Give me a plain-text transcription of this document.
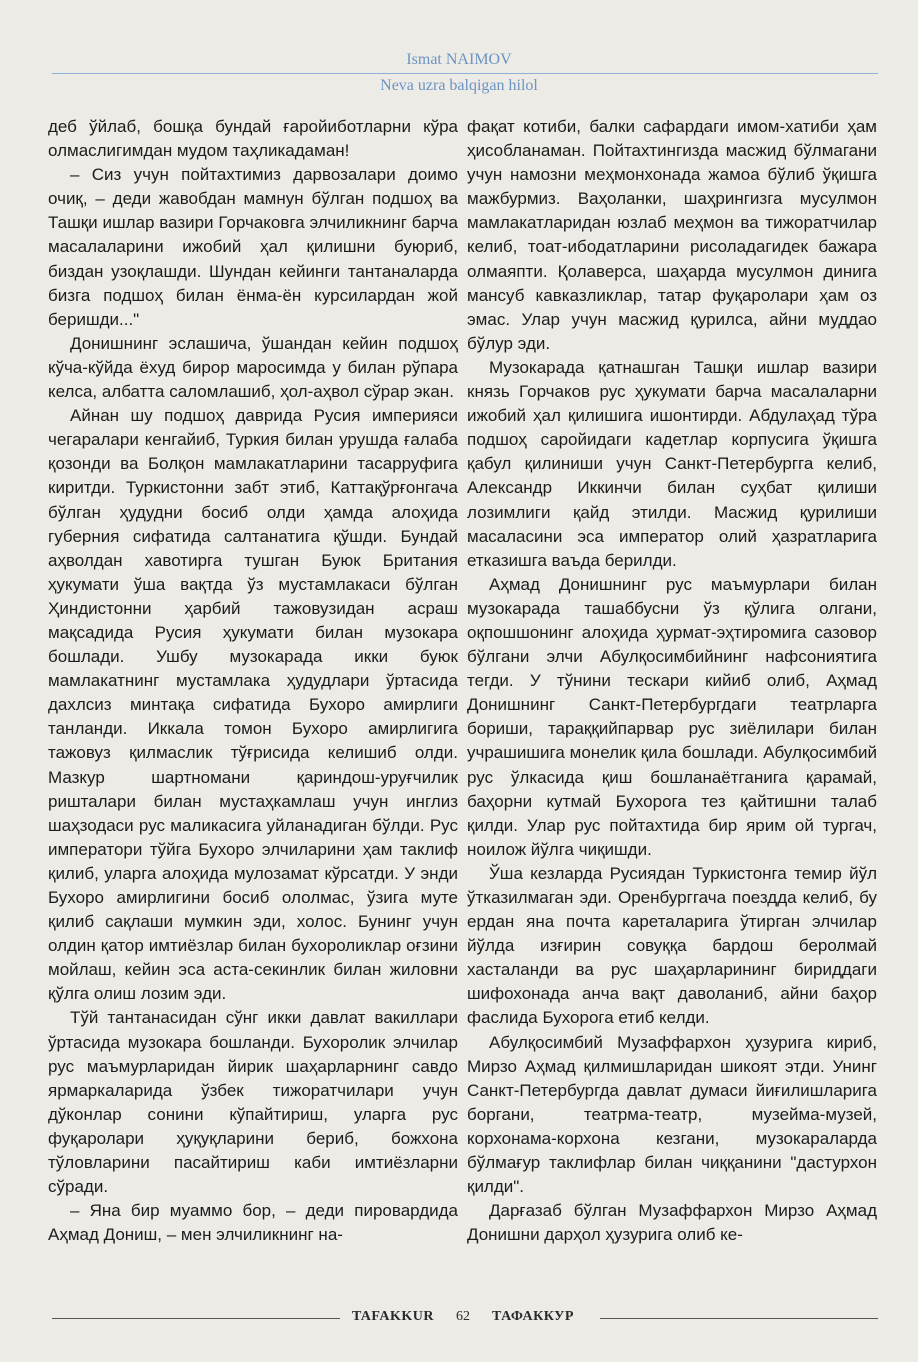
Ismat NAIMOV
Neva uzra balqigan hilol

деб ўйлаб, бошқа бундай ғаройиботларни кўра олмаслигимдан мудом таҳликадаман!

– Сиз учун пойтахтимиз дарвозалари доимо очиқ, – деди жавобдан мамнун бўлган подшоҳ ва Ташқи ишлар вазири Горчаковга элчиликнинг барча масалаларини ижобий ҳал қилишни буюриб, биздан узоқлашди. Шундан кейинги тантаналарда бизга подшоҳ билан ёнма-ён курсилардан жой беришди..."

Донишнинг эслашича, ўшандан кейин подшоҳ кўча-кўйда ёхуд бирор маросимда у билан рўпара келса, албатта саломлашиб, ҳол-аҳвол сўрар экан.

Айнан шу подшоҳ даврида Русия империяси чегаралари кенгайиб, Туркия билан урушда ғалаба қозонди ва Болқон мамлакатларини тасарруфига киритди. Туркистонни забт этиб, Каттақўрғонгача бўлган ҳудудни босиб олди ҳамда алоҳида губерния сифатида салтанатига қўшди. Бундай аҳволдан хавотирга тушган Буюк Британия ҳукумати ўша вақтда ўз мустамлакаси бўлган Ҳиндистонни ҳарбий тажовузидан асраш мақсадида Русия ҳукумати билан музокара бошлади. Ушбу музокарада икки буюк мамлакатнинг мустамлака ҳудудлари ўртасида дахлсиз минтақа сифатида Бухоро амирлиги танланди. Иккала томон Бухоро амирлигига тажовуз қилмаслик тўғрисида келишиб олди. Мазкур шартномани қариндош-уруғчилик ришталари билан мустаҳкамлаш учун инглиз шаҳзодаси рус маликасига уйланадиган бўлди. Рус императори тўйга Бухоро элчиларини ҳам таклиф қилиб, уларга алоҳида мулозамат кўрсатди. У энди Бухоро амирлигини босиб ололмас, ўзига муте қилиб сақлаши мумкин эди, холос. Бунинг учун олдин қатор имтиёзлар билан бухороликлар оғзини мойлаш, кейин эса аста-секинлик билан жиловни қўлга олиш лозим эди.

Тўй тантанасидан сўнг икки давлат вакиллари ўртасида музокара бошланди. Бухоролик элчилар рус маъмурларидан йирик шаҳарларнинг савдо ярмаркаларида ўзбек тижоратчилари учун дўконлар сонини кўпайтириш, уларга рус фуқаролари ҳуқуқларини бериб, божхона тўловларини пасайтириш каби имтиёзларни сўради.

– Яна бир муаммо бор, – деди пировардида Аҳмад Дониш, – мен элчиликнинг на-

фақат котиби, балки сафардаги имом-хатиби ҳам ҳисобланаман. Пойтахтингизда масжид бўлмагани учун намозни меҳмонхонада жамоа бўлиб ўқишга мажбурмиз. Ваҳоланки, шаҳрингизга мусулмон мамлакатларидан юзлаб меҳмон ва тижоратчилар келиб, тоат-ибодатларини рисоладагидек бажара олмаяпти. Қолаверса, шаҳарда мусулмон динига мансуб кавказликлар, татар фуқаролари ҳам оз эмас. Улар учун масжид қурилса, айни муддао бўлур эди.

Музокарада қатнашган Ташқи ишлар вазири князь Горчаков рус ҳукумати барча масалаларни ижобий ҳал қилишига ишонтирди. Абдулаҳад тўра подшоҳ саройидаги кадетлар корпусига ўқишга қабул қилиниши учун Санкт-Петербургга келиб, Александр Иккинчи билан суҳбат қилиши лозимлиги қайд этилди. Масжид қурилиши масаласини эса император олий ҳазратларига етказишга ваъда берилди.

Аҳмад Донишнинг рус маъмурлари билан музокарада ташаббусни ўз қўлига олгани, оқпошшонинг алоҳида ҳурмат-эҳтиромига сазовор бўлгани элчи Абулқосимбийнинг нафсониятига тегди. У тўнини тескари кийиб олиб, Аҳмад Донишнинг Санкт-Петербургдаги театрларга бориши, тараққийпарвар рус зиёлилари билан учрашишига монелик қила бошлади. Абулқосимбий рус ўлкасида қиш бошланаётганига қарамай, баҳорни кутмай Бухорога тез қайтишни талаб қилди. Улар рус пойтахтида бир ярим ой тургач, ноилож йўлга чиқишди.

Ўша кезларда Русиядан Туркистонга темир йўл ўтказилмаган эди. Оренбурггача поездда келиб, бу ердан яна почта кареталарига ўтирган элчилар йўлда изғирин совуққа бардош беролмай хасталанди ва рус шаҳарларининг бириддаги шифохонада анча вақт даволаниб, айни баҳор фаслида Бухорога етиб келди.

Абулқосимбий Музаффархон ҳузурига кириб, Мирзо Аҳмад қилмишларидан шикоят этди. Унинг Санкт-Петербургда давлат думаси йиғилишларига боргани, театрма-театр, музейма-музей, корхонама-корхона кезгани, музокараларда бўлмағур таклифлар билан чиққанини "дастурхон қилди".

Дарғазаб бўлган Музаффархон Мирзо Аҳмад Донишни дарҳол ҳузурига олиб ке-

TAFAKKUR 62 ТАФАККУР
